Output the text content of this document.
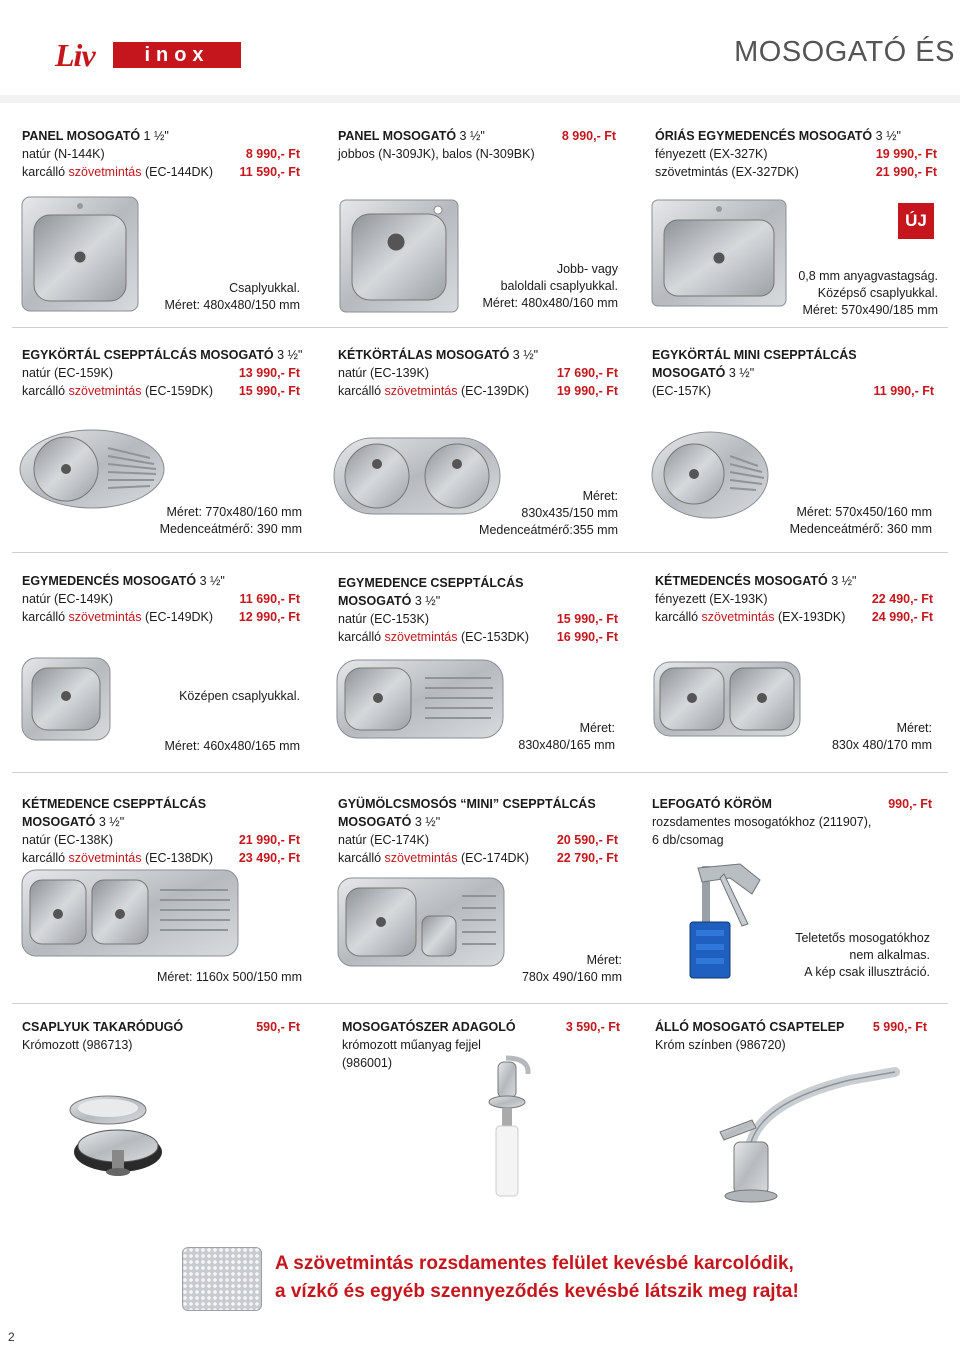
Liv	inox	MOSOGATÓ ÉS
PANEL MOSOGATÓ 1 ½"
natúr (N-144K)	8 990,- Ft
karcálló szövetmintás (EC-144DK) 11 590,- Ft
Csaplyukkal.
Méret: 480x480/150 mm
PANEL MOSOGATÓ 3 ½"	8 990,- Ft
jobbos (N-309JK), balos (N-309BK)
Jobb- vagy
baloldali csaplyukkal.
Méret: 480x480/160 mm
ÓRIÁS EGYMEDENCÉS MOSOGATÓ 3 ½"
fényezett (EX-327K)	19 990,- Ft
szövetmintás (EX-327DK)	21 990,- Ft
ÚJ
0,8 mm anyagvastagság.
Középső csaplyukkal.
Méret: 570x490/185 mm
EGYKÖRTÁL CSEPPTÁLCÁS MOSOGATÓ 3 ½"
natúr (EC-159K)	13 990,- Ft
karcálló szövetmintás (EC-159DK) 15 990,- Ft
Méret: 770x480/160 mm
Medenceátmérő: 390 mm
KÉTKÖRTÁLAS MOSOGATÓ 3 ½"
natúr (EC-139K)	17 690,- Ft
karcálló szövetmintás (EC-139DK) 19 990,- Ft
Méret:
830x435/150 mm
Medenceátmérő:355 mm
EGYKÖRTÁL MINI CSEPPTÁLCÁS
MOSOGATÓ 3 ½"
(EC-157K)	11 990,- Ft
Méret: 570x450/160 mm
Medenceátmérő: 360 mm
EGYMEDENCÉS MOSOGATÓ 3 ½"
natúr (EC-149K)	11 690,- Ft
karcálló szövetmintás (EC-149DK) 12 990,- Ft
Középen csaplyukkal.
Méret: 460x480/165 mm
EGYMEDENCE CSEPPTÁLCÁS
MOSOGATÓ 3 ½"
natúr (EC-153K)	15 990,- Ft
karcálló szövetmintás (EC-153DK) 16 990,- Ft
Méret:
830x480/165 mm
KÉTMEDENCÉS MOSOGATÓ 3 ½"
fényezett (EX-193K)	22 490,- Ft
karcálló szövetmintás (EX-193DK) 24 990,- Ft
Méret:
830x 480/170 mm
KÉTMEDENCE CSEPPTÁLCÁS
MOSOGATÓ 3 ½"
natúr (EC-138K)	21 990,- Ft
karcálló szövetmintás (EC-138DK) 23 490,- Ft
Méret: 1160x 500/150 mm
GYÜMÖLCSMOSÓS “MINI” CSEPPTÁLCÁS
MOSOGATÓ 3 ½"
natúr (EC-174K)	20 590,- Ft
karcálló szövetmintás (EC-174DK) 22 790,- Ft
Méret:
780x 490/160 mm
LEFOGATÓ KÖRÖM	990,- Ft
rozsdamentes mosogatókhoz (211907),
6 db/csomag
Teletetős mosogatókhoz
nem alkalmas.
A kép csak illusztráció.
CSAPLYUK TAKARÓDUGÓ	590,- Ft
Krómozott (986713)
MOSOGATÓSZER ADAGOLÓ	3 590,- Ft
krómozott műanyag fejjel
(986001)
ÁLLÓ MOSOGATÓ CSAPTELEP 5 990,- Ft
Króm színben (986720)
A szövetmintás rozsdamentes felület kevésbé karcolódik,
a vízkő és egyéb szennyeződés kevésbé látszik meg rajta!
2
